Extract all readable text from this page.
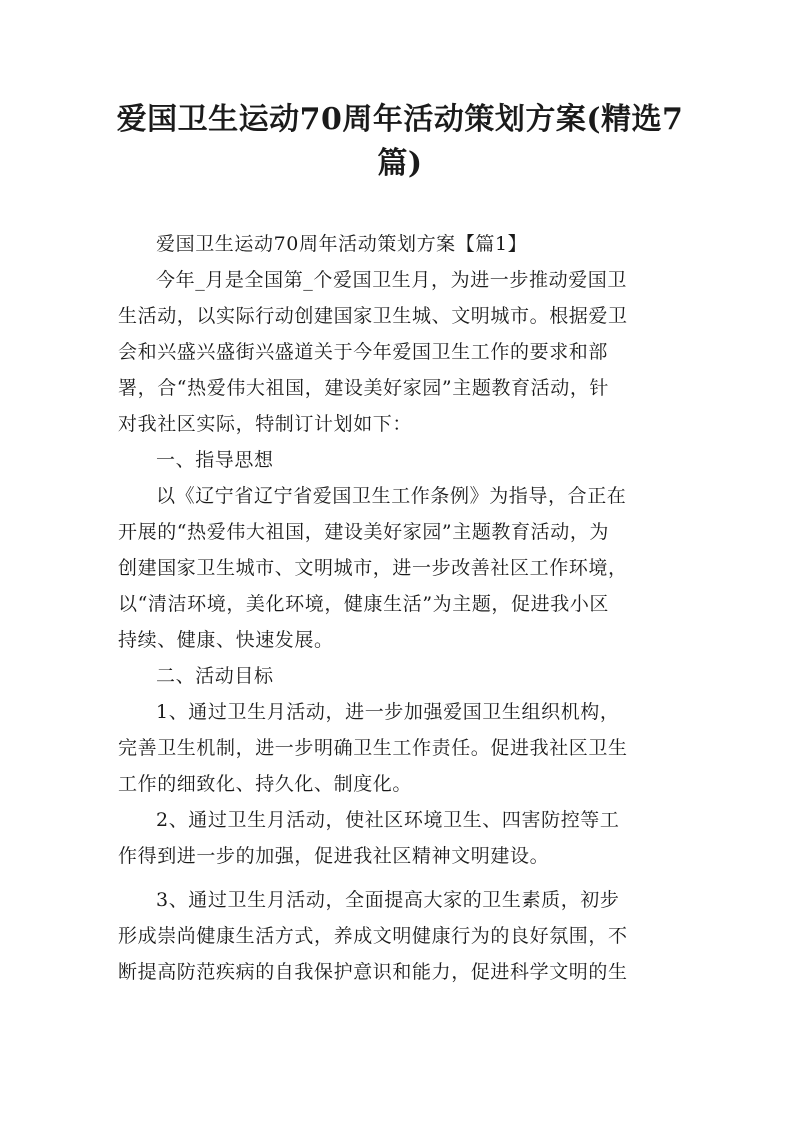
爱国卫生运动70周年活动策划方案(精选7
篇)

爱国卫生运动70周年活动策划方案【篇1】

今年_月是全国第_个爱国卫生月，为进一步推动爱国卫
生活动，以实际行动创建国家卫生城、文明城市。根据爱卫
会和兴盛兴盛街兴盛道关于今年爱国卫生工作的要求和部
署，合“热爱伟大祖国，建设美好家园”主题教育活动，针
对我社区实际，特制订计划如下：

一、指导思想

以《辽宁省辽宁省爱国卫生工作条例》为指导，合正在
开展的“热爱伟大祖国，建设美好家园”主题教育活动，为
创建国家卫生城市、文明城市，进一步改善社区工作环境，
以“清洁环境，美化环境，健康生活”为主题，促进我小区
持续、健康、快速发展。

二、活动目标

1、通过卫生月活动，进一步加强爱国卫生组织机构，
完善卫生机制，进一步明确卫生工作责任。促进我社区卫生
工作的细致化、持久化、制度化。

2、通过卫生月活动，使社区环境卫生、四害防控等工
作得到进一步的加强，促进我社区精神文明建设。

3、通过卫生月活动，全面提高大家的卫生素质，初步
形成崇尚健康生活方式，养成文明健康行为的良好氛围，不
断提高防范疾病的自我保护意识和能力，促进科学文明的生
